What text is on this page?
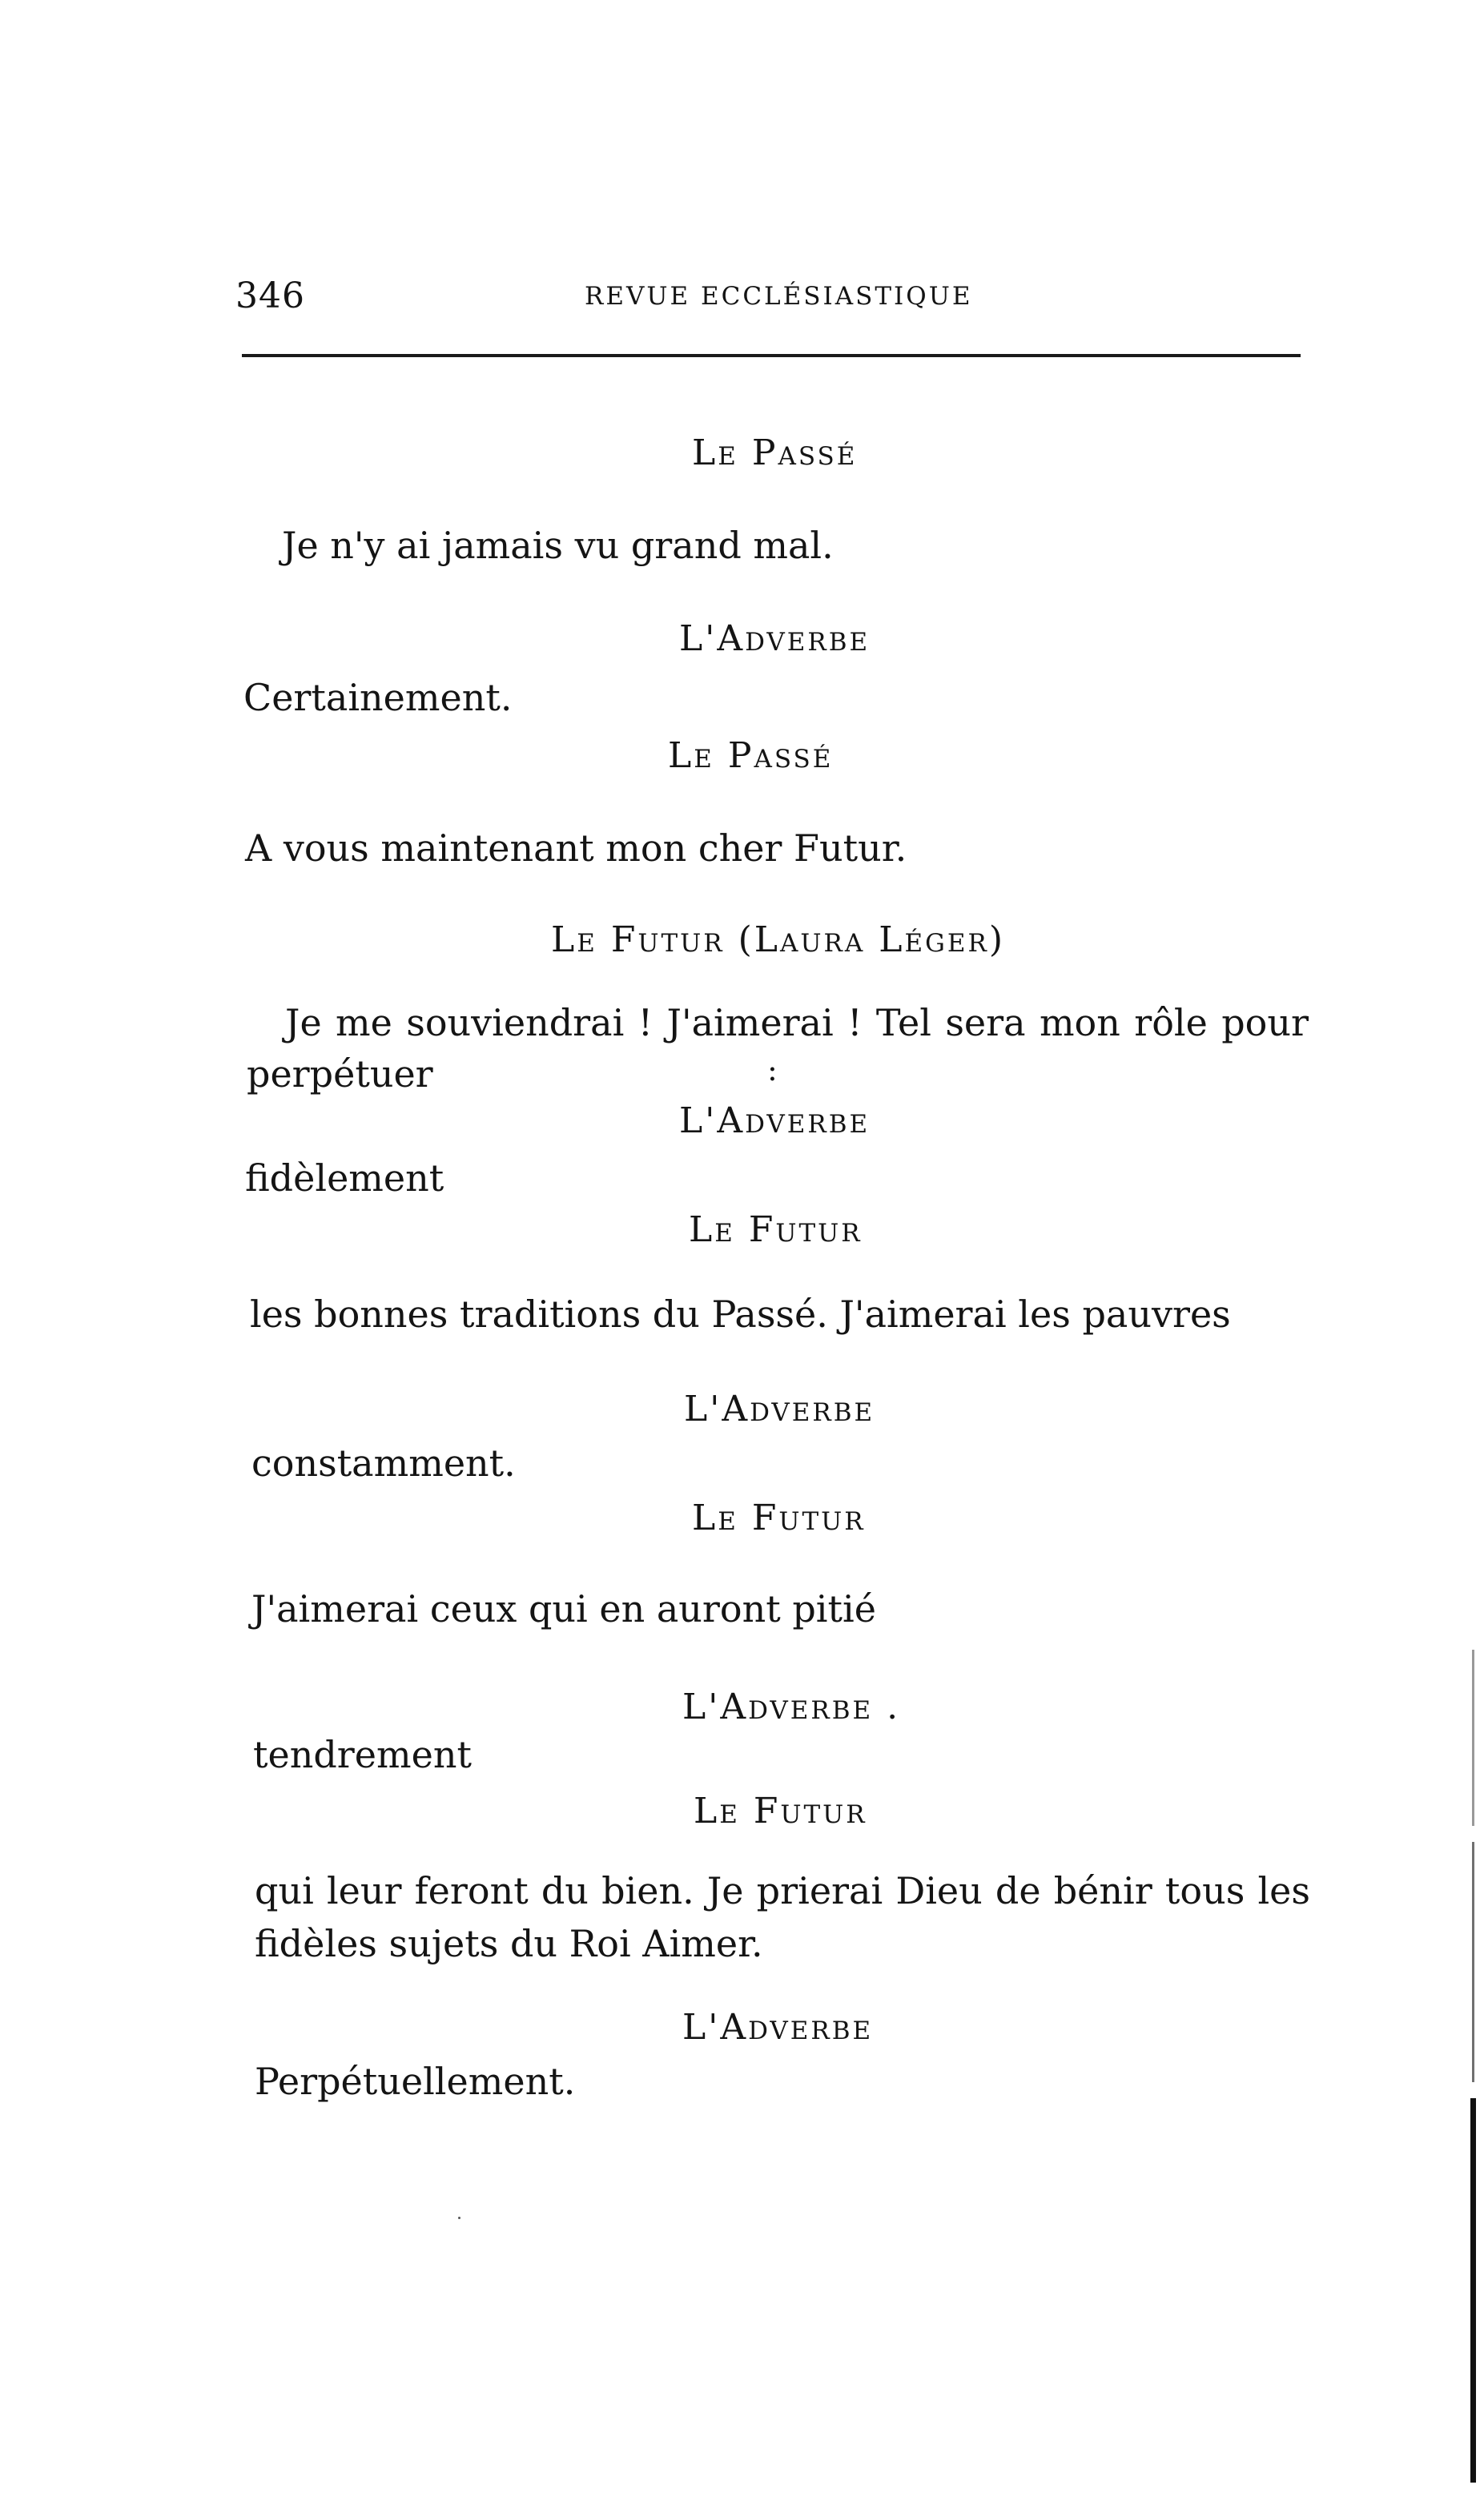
346	REVUE ECCLÉSIASTIQUE
Le Passé
Je n'y ai jamais vu grand mal.
L'Adverbe
Certainement.
Le Passé
A vous maintenant mon cher Futur.
Le Futur (Laura Léger)
Je me souviendrai ! J'aimerai ! Tel sera mon rôle pour
perpétuer	:
L'Adverbe
fidèlement
Le Futur
les bonnes traditions du Passé. J'aimerai les pauvres
L'Adverbe
constamment.
Le Futur
J'aimerai ceux qui en auront pitié
L'Adverbe .
tendrement
Le Futur
qui leur feront du bien. Je prierai Dieu de bénir tous les
fidèles sujets du Roi Aimer.
L'Adverbe
Perpétuellement.
